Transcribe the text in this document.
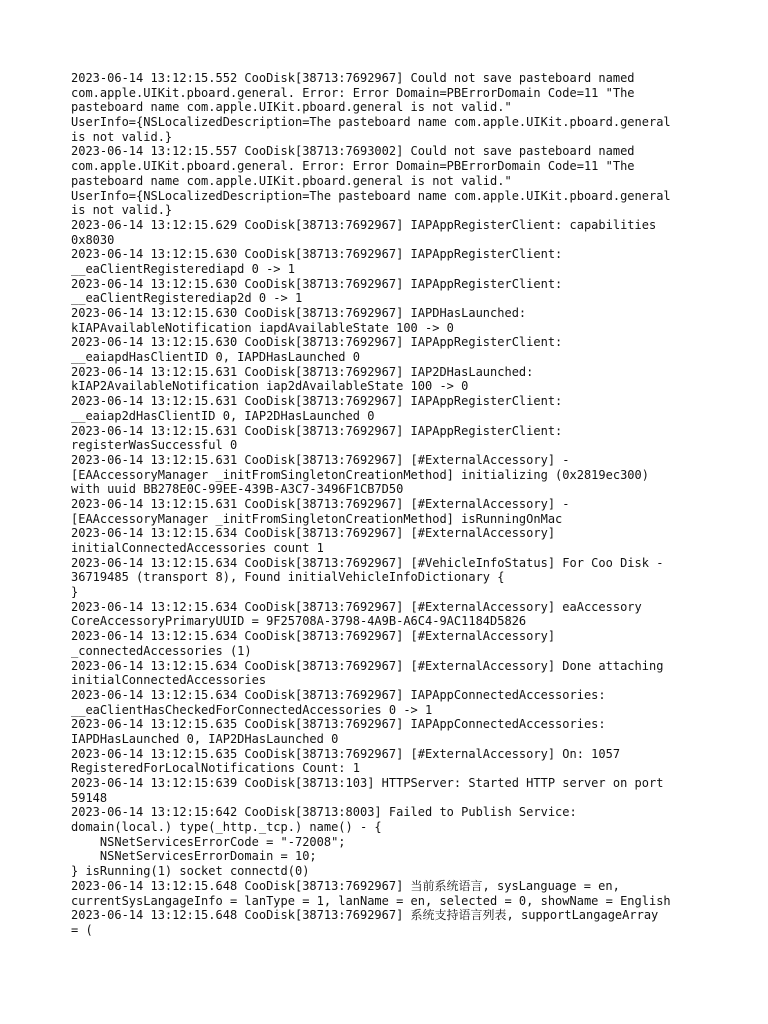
2023-06-14 13:12:15.552 CooDisk[38713:7692967] Could not save pasteboard named
com.apple.UIKit.pboard.general. Error: Error Domain=PBErrorDomain Code=11 "The
pasteboard name com.apple.UIKit.pboard.general is not valid."
UserInfo={NSLocalizedDescription=The pasteboard name com.apple.UIKit.pboard.general
is not valid.}
2023-06-14 13:12:15.557 CooDisk[38713:7693002] Could not save pasteboard named
com.apple.UIKit.pboard.general. Error: Error Domain=PBErrorDomain Code=11 "The
pasteboard name com.apple.UIKit.pboard.general is not valid."
UserInfo={NSLocalizedDescription=The pasteboard name com.apple.UIKit.pboard.general
is not valid.}
2023-06-14 13:12:15.629 CooDisk[38713:7692967] IAPAppRegisterClient: capabilities
0x8030
2023-06-14 13:12:15.630 CooDisk[38713:7692967] IAPAppRegisterClient:
__eaClientRegisterediapd 0 -> 1
2023-06-14 13:12:15.630 CooDisk[38713:7692967] IAPAppRegisterClient:
__eaClientRegisterediap2d 0 -> 1
2023-06-14 13:12:15.630 CooDisk[38713:7692967] IAPDHasLaunched:
kIAPAvailableNotification iapdAvailableState 100 -> 0
2023-06-14 13:12:15.630 CooDisk[38713:7692967] IAPAppRegisterClient:
__eaiapdHasClientID 0, IAPDHasLaunched 0
2023-06-14 13:12:15.631 CooDisk[38713:7692967] IAP2DHasLaunched:
kIAP2AvailableNotification iap2dAvailableState 100 -> 0
2023-06-14 13:12:15.631 CooDisk[38713:7692967] IAPAppRegisterClient:
__eaiap2dHasClientID 0, IAP2DHasLaunched 0
2023-06-14 13:12:15.631 CooDisk[38713:7692967] IAPAppRegisterClient:
registerWasSuccessful 0
2023-06-14 13:12:15.631 CooDisk[38713:7692967] [#ExternalAccessory] -
[EAAccessoryManager _initFromSingletonCreationMethod] initializing (0x2819ec300)
with uuid BB278E0C-99EE-439B-A3C7-3496F1CB7D50
2023-06-14 13:12:15.631 CooDisk[38713:7692967] [#ExternalAccessory] -
[EAAccessoryManager _initFromSingletonCreationMethod] isRunningOnMac
2023-06-14 13:12:15.634 CooDisk[38713:7692967] [#ExternalAccessory]
initialConnectedAccessories count 1
2023-06-14 13:12:15.634 CooDisk[38713:7692967] [#VehicleInfoStatus] For Coo Disk -
36719485 (transport 8), Found initialVehicleInfoDictionary {
}
2023-06-14 13:12:15.634 CooDisk[38713:7692967] [#ExternalAccessory] eaAccessory
CoreAccessoryPrimaryUUID = 9F25708A-3798-4A9B-A6C4-9AC1184D5826
2023-06-14 13:12:15.634 CooDisk[38713:7692967] [#ExternalAccessory]
_connectedAccessories (1)
2023-06-14 13:12:15.634 CooDisk[38713:7692967] [#ExternalAccessory] Done attaching
initialConnectedAccessories
2023-06-14 13:12:15.634 CooDisk[38713:7692967] IAPAppConnectedAccessories:
__eaClientHasCheckedForConnectedAccessories 0 -> 1
2023-06-14 13:12:15.635 CooDisk[38713:7692967] IAPAppConnectedAccessories:
IAPDHasLaunched 0, IAP2DHasLaunched 0
2023-06-14 13:12:15.635 CooDisk[38713:7692967] [#ExternalAccessory] On: 1057
RegisteredForLocalNotifications Count: 1
2023-06-14 13:12:15:639 CooDisk[38713:103] HTTPServer: Started HTTP server on port
59148
2023-06-14 13:12:15:642 CooDisk[38713:8003] Failed to Publish Service:
domain(local.) type(_http._tcp.) name() - {
NSNetServicesErrorCode = "-72008";
NSNetServicesErrorDomain = 10;
} isRunning(1) socket connectd(0)
2023-06-14 13:12:15.648 CooDisk[38713:7692967] 当前系统语言, sysLanguage = en,
currentSysLangageInfo = lanType = 1, lanName = en, selected = 0, showName = English
2023-06-14 13:12:15.648 CooDisk[38713:7692967] 系统支持语言列表, supportLangageArray
= (
